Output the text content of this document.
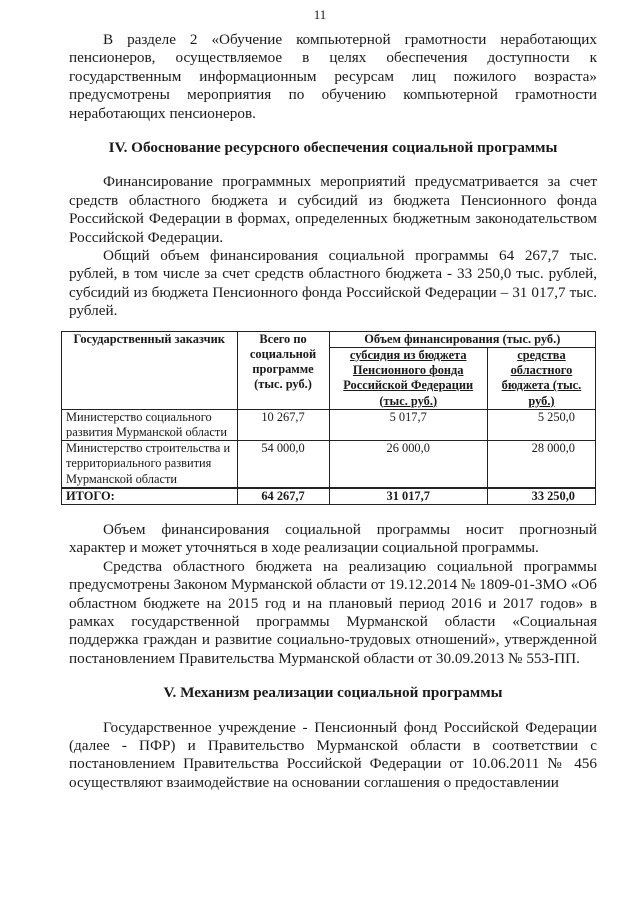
11

В разделе 2 «Обучение компьютерной грамотности неработающих пенсионеров, осуществляемое в целях обеспечения доступности к государственным информационным ресурсам лиц пожилого возраста» предусмотрены мероприятия по обучению компьютерной грамотности неработающих пенсионеров.

IV. Обоснование ресурсного обеспечения социальной программы

Финансирование программных мероприятий предусматривается за счет средств областного бюджета и субсидий из бюджета Пенсионного фонда Российской Федерации в формах, определенных бюджетным законодательством Российской Федерации.

Общий объем финансирования социальной программы 64 267,7 тыс. рублей, в том числе за счет средств областного бюджета - 33 250,0 тыс. рублей, субсидий из бюджета Пенсионного фонда Российской Федерации – 31 017,7 тыс. рублей.

Государственный заказчик	Всего по социальной программе (тыс. руб.)	Объем финансирования (тыс. руб.)	
		субсидия из бюджета Пенсионного фонда Российской Федерации (тыс. руб.)	средства областного бюджета (тыс. руб.)
Министерство социального развития Мурманской области	10 267,7	5 017,7	5 250,0
Министерство строительства и территориального развития Мурманской области	54 000,0	26 000,0	28 000,0
ИТОГО:	64 267,7	31 017,7	33 250,0

Объем финансирования социальной программы носит прогнозный характер и может уточняться в ходе реализации социальной программы.

Средства областного бюджета на реализацию социальной программы предусмотрены Законом Мурманской области от 19.12.2014 № 1809-01-ЗМО «Об областном бюджете на 2015 год и на плановый период 2016 и 2017 годов» в рамках государственной программы Мурманской области «Социальная поддержка граждан и развитие социально-трудовых отношений», утвержденной постановлением Правительства Мурманской области от 30.09.2013 № 553-ПП.

V. Механизм реализации социальной программы

Государственное учреждение - Пенсионный фонд Российской Федерации (далее - ПФР) и Правительство Мурманской области в соответствии с постановлением Правительства Российской Федерации от 10.06.2011 № 456 осуществляют взаимодействие на основании соглашения о предоставлении
